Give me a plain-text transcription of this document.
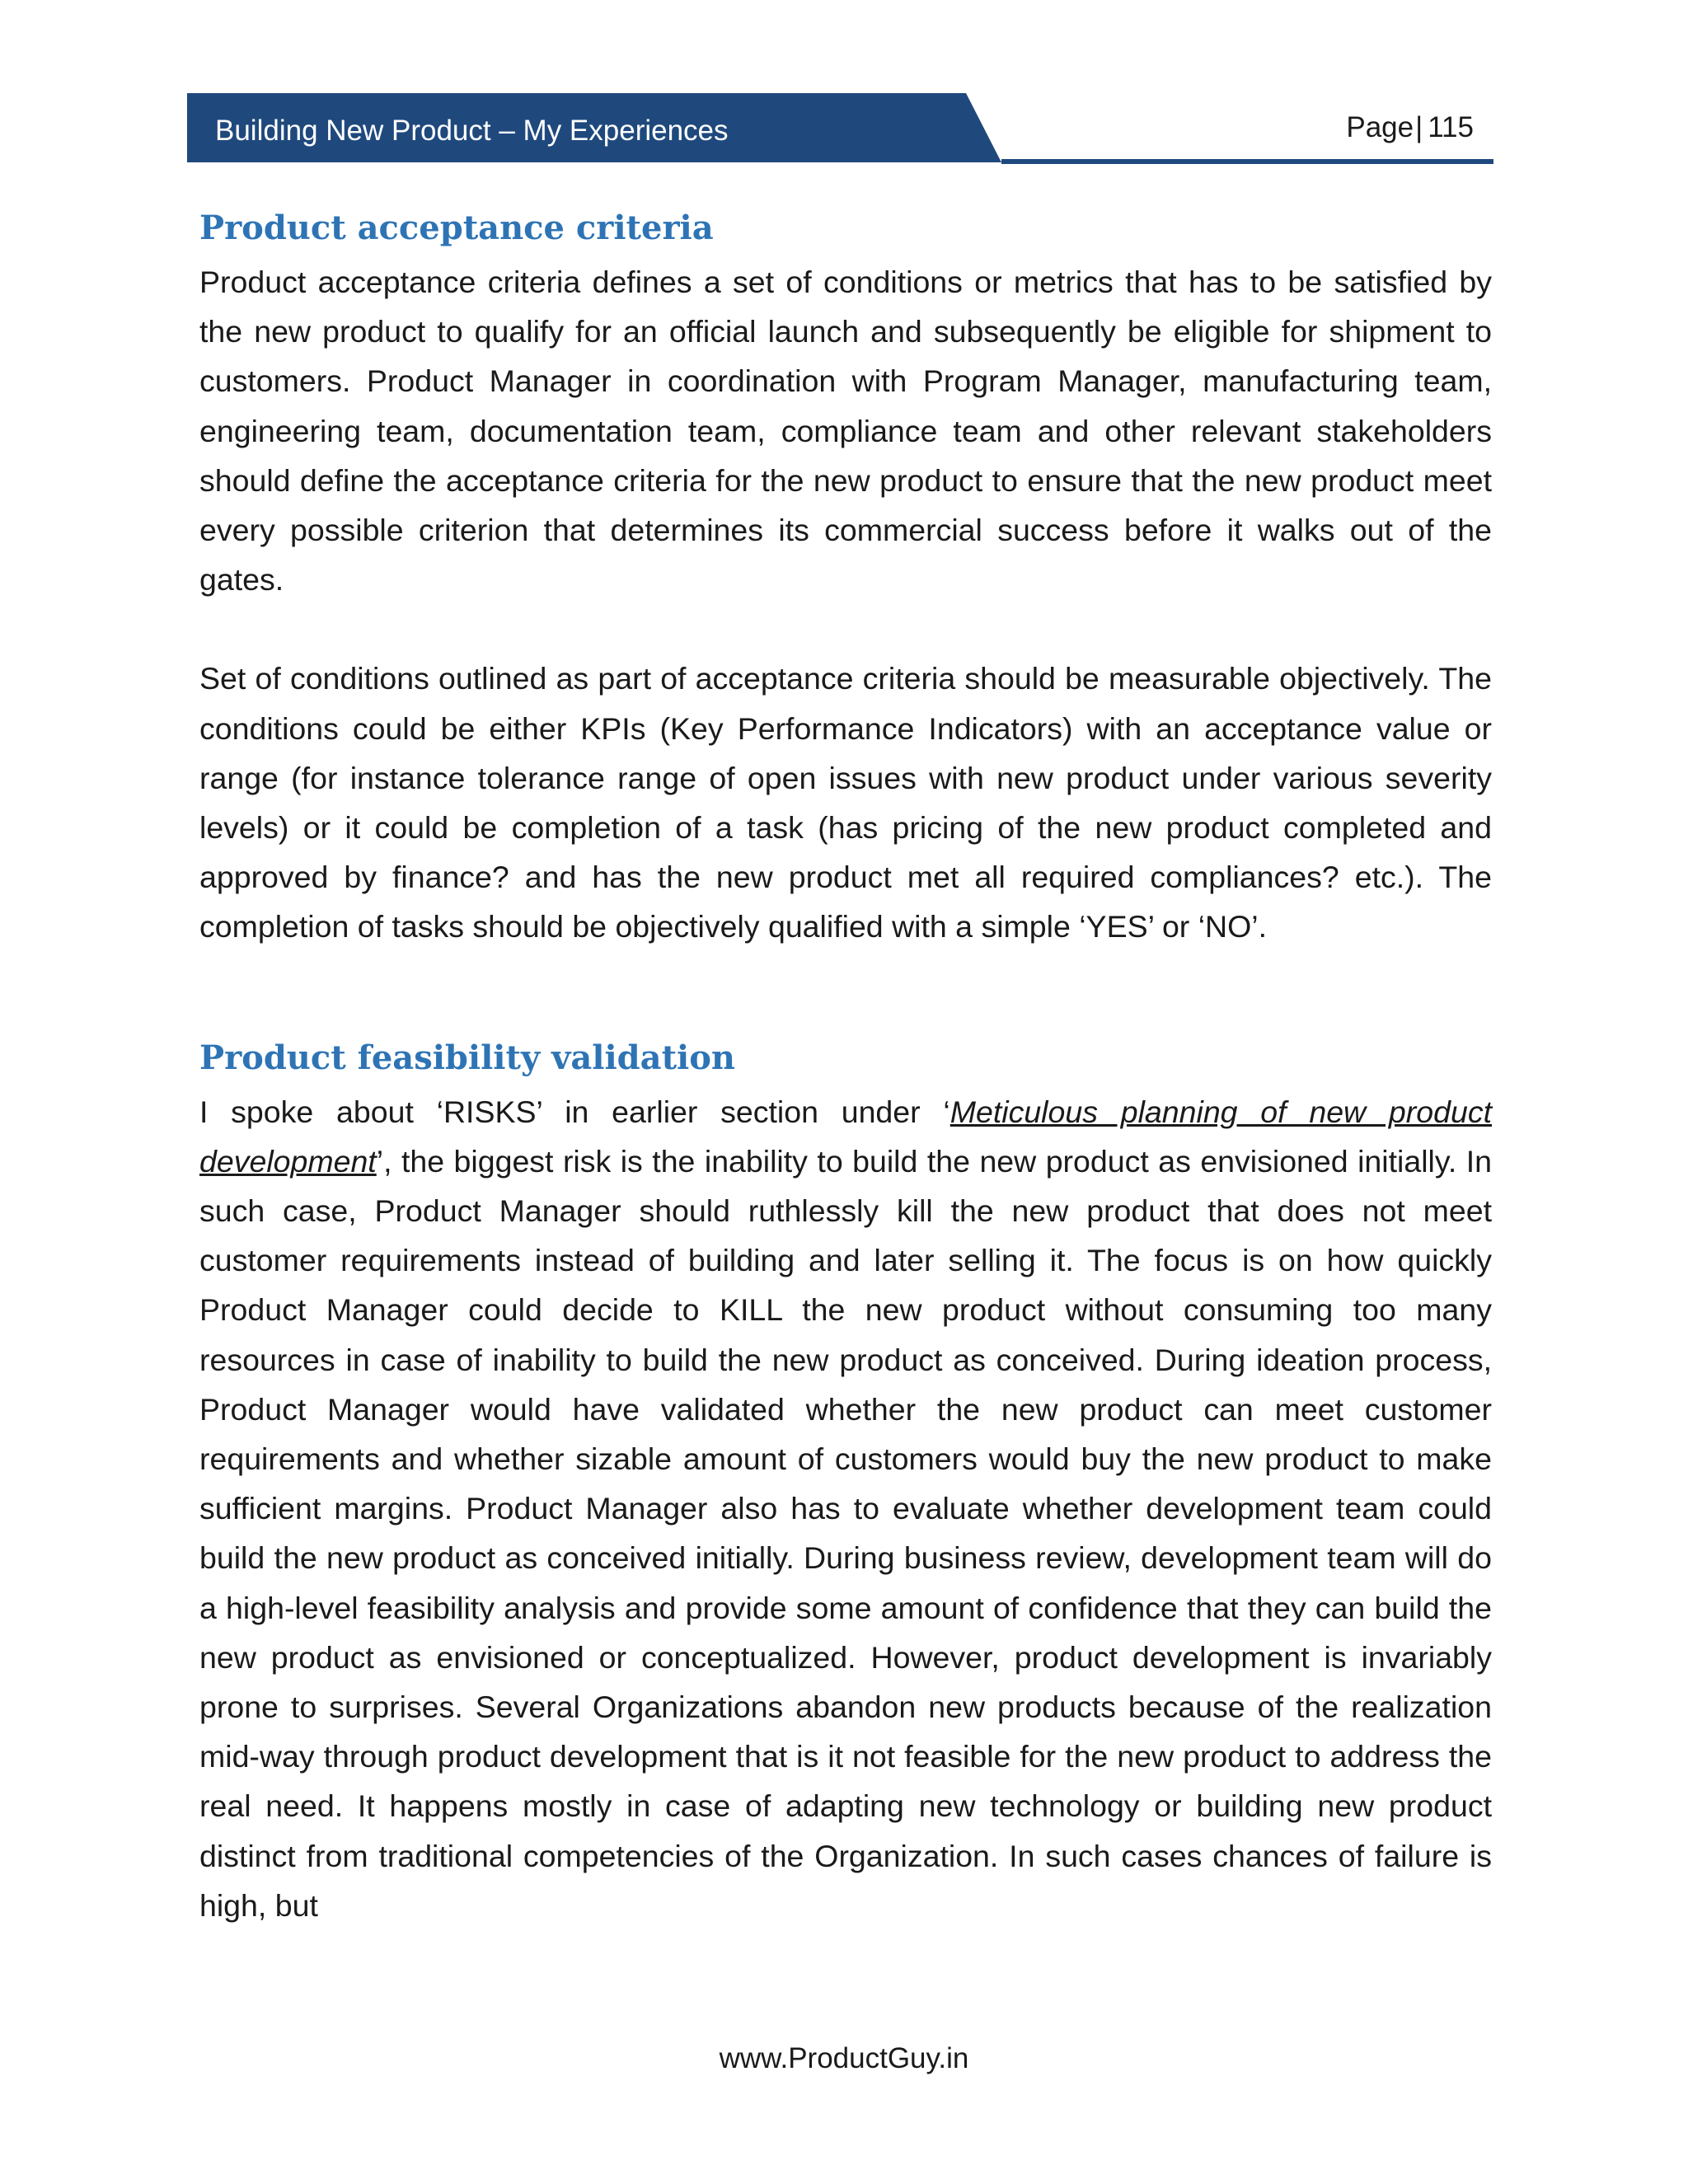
Building New Product – My Experiences	Page| 115
Product acceptance criteria

Product acceptance criteria defines a set of conditions or metrics that has to be satisfied by the new product to qualify for an official launch and subsequently be eligible for shipment to customers. Product Manager in coordination with Program Manager, manufacturing team, engineering team, documentation team, compliance team and other relevant stakeholders should define the acceptance criteria for the new product to ensure that the new product meet every possible criterion that determines its commercial success before it walks out of the gates.

Set of conditions outlined as part of acceptance criteria should be measurable objectively. The conditions could be either KPIs (Key Performance Indicators) with an acceptance value or range (for instance tolerance range of open issues with new product under various severity levels) or it could be completion of a task (has pricing of the new product completed and approved by finance? and has the new product met all required compliances? etc.). The completion of tasks should be objectively qualified with a simple ‘YES’ or ‘NO’.

Product feasibility validation

I spoke about ‘RISKS’ in earlier section under ‘Meticulous planning of new product development’, the biggest risk is the inability to build the new product as envisioned initially. In such case, Product Manager should ruthlessly kill the new product that does not meet customer requirements instead of building and later selling it. The focus is on how quickly Product Manager could decide to KILL the new product without consuming too many resources in case of inability to build the new product as conceived. During ideation process, Product Manager would have validated whether the new product can meet customer requirements and whether sizable amount of customers would buy the new product to make sufficient margins. Product Manager also has to evaluate whether development team could build the new product as conceived initially. During business review, development team will do a high-level feasibility analysis and provide some amount of confidence that they can build the new product as envisioned or conceptualized. However, product development is invariably prone to surprises. Several Organizations abandon new products because of the realization mid-way through product development that is it not feasible for the new product to address the real need. It happens mostly in case of adapting new technology or building new product distinct from traditional competencies of the Organization. In such cases chances of failure is high, but

www.ProductGuy.in
